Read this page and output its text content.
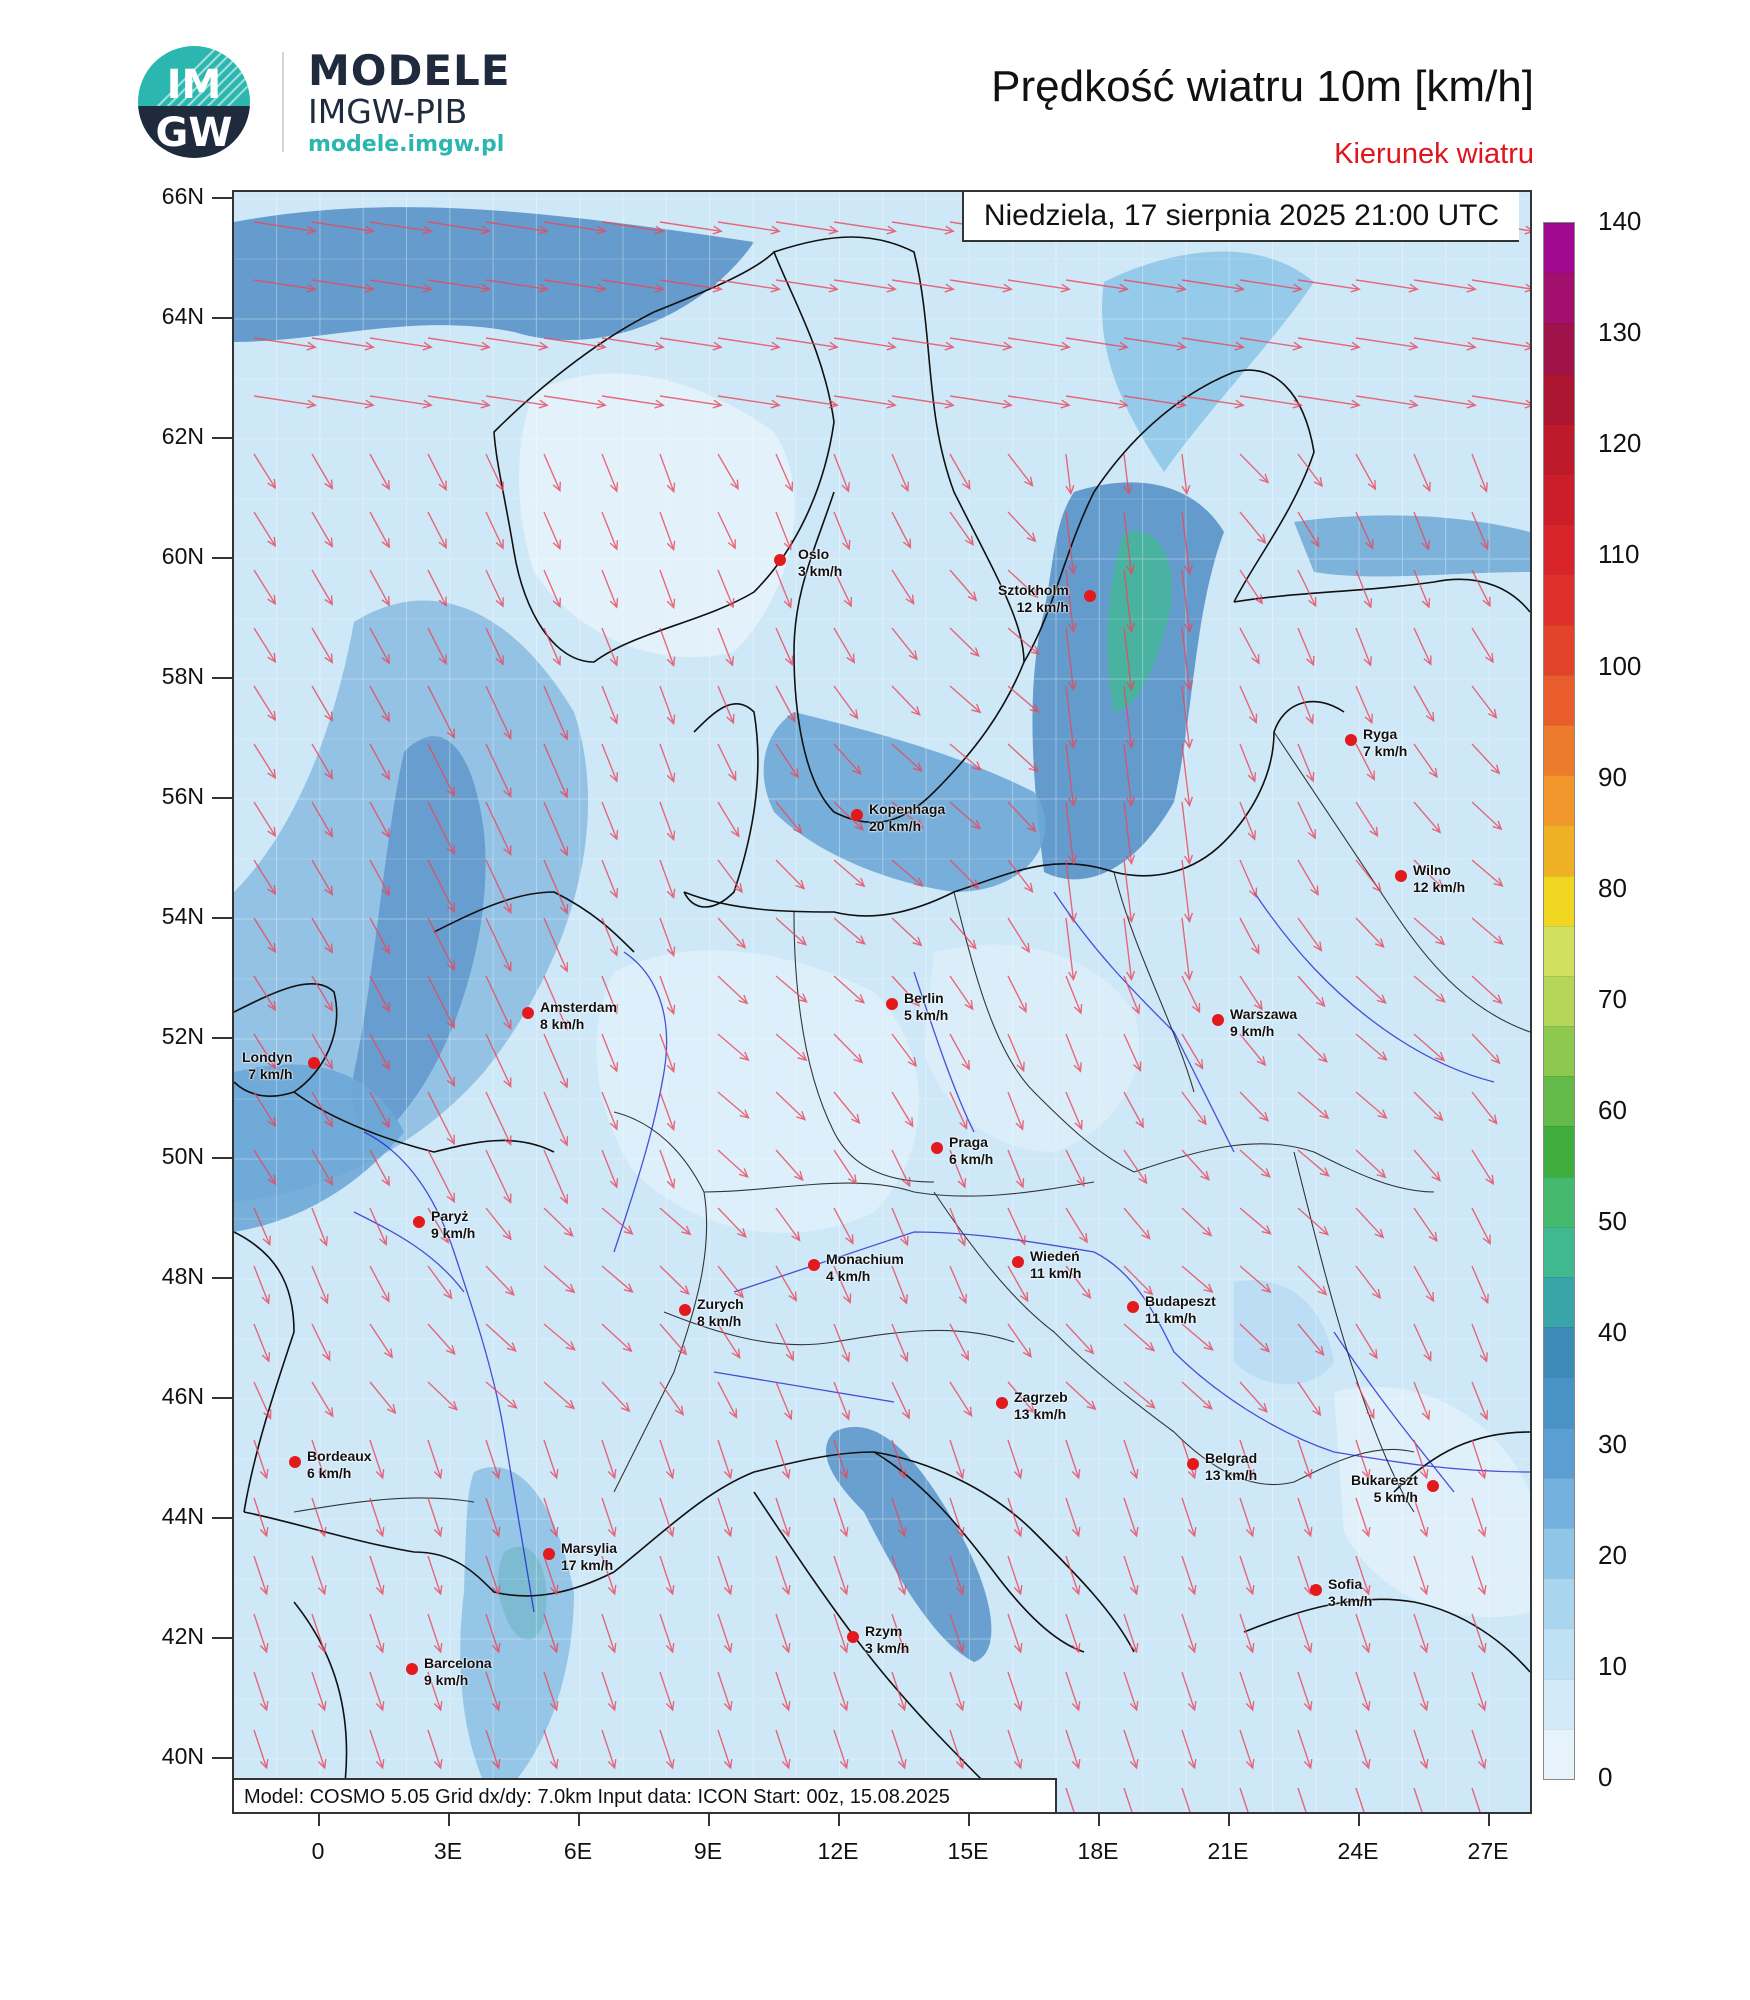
IM
GW
MODELE
IMGW-PIB
modele.imgw.pl
Prędkość wiatru 10m [km/h]
Kierunek wiatru
Niedziela, 17 sierpnia 2025 21:00 UTC
Model: COSMO 5.05 Grid dx/dy: 7.0km Input data: ICON Start: 00z, 15.08.2025
66N
64N
62N
60N
58N
56N
54N
52N
50N
48N
46N
44N
42N
40N
0	3E	6E	9E	12E	15E	18E	21E	24E	27E
Oslo
3 km/h
Sztokholm
12 km/h
Ryga
7 km/h
Kopenhaga
20 km/h
Wilno
12 km/h
Amsterdam
8 km/h
Berlin
5 km/h	Warszawa
9 km/h
Londyn
7 km/h
Praga
6 km/h
Paryż
9 km/h
Monachium
4 km/h
Wiedeń
11 km/h
Zurych
8 km/h
Budapeszt
11 km/h
Zagrzeb
13 km/h
Bordeaux
6 km/h
Belgrad
13 km/h	Bukareszt
5 km/h
Marsylia
17 km/h
Sofia
3 km/h
Rzym
3 km/h
Barcelona
9 km/h
140
130
120
110
100
90
80
70
60
50
40
30
20
10
0
